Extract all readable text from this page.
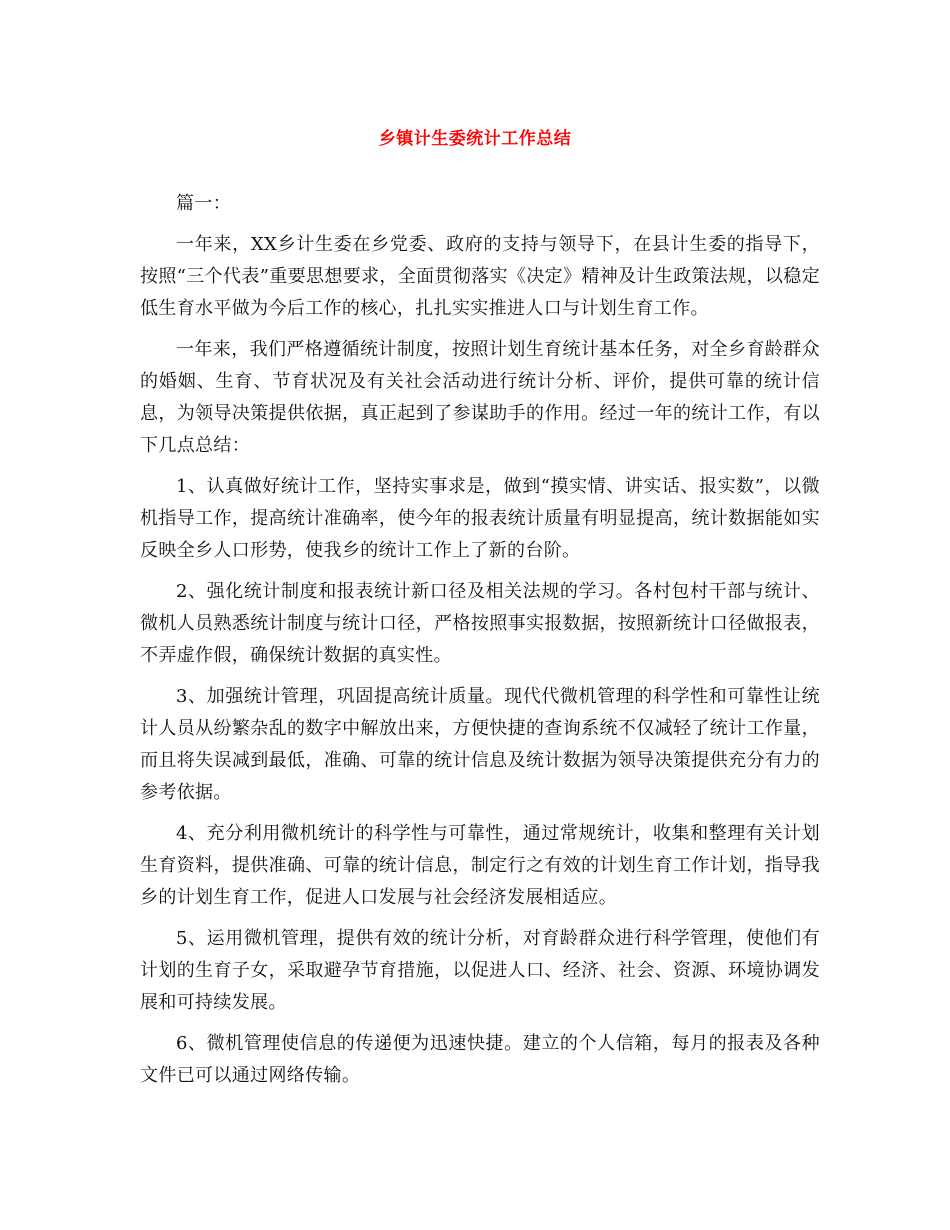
乡镇计生委统计工作总结

篇一：

一年来，XX乡计生委在乡党委、政府的支持与领导下，在县计生委的指导下，按照“三个代表”重要思想要求，全面贯彻落实《决定》精神及计生政策法规，以稳定低生育水平做为今后工作的核心，扎扎实实推进人口与计划生育工作。

一年来，我们严格遵循统计制度，按照计划生育统计基本任务，对全乡育龄群众的婚姻、生育、节育状况及有关社会活动进行统计分析、评价，提供可靠的统计信息，为领导决策提供依据，真正起到了参谋助手的作用。经过一年的统计工作，有以下几点总结：

1、认真做好统计工作，坚持实事求是，做到“摸实情、讲实话、报实数”，以微机指导工作，提高统计准确率，使今年的报表统计质量有明显提高，统计数据能如实反映全乡人口形势，使我乡的统计工作上了新的台阶。

2、强化统计制度和报表统计新口径及相关法规的学习。各村包村干部与统计、微机人员熟悉统计制度与统计口径，严格按照事实报数据，按照新统计口径做报表，不弄虚作假，确保统计数据的真实性。

3、加强统计管理，巩固提高统计质量。现代代微机管理的科学性和可靠性让统计人员从纷繁杂乱的数字中解放出来，方便快捷的查询系统不仅减轻了统计工作量，而且将失误减到最低，准确、可靠的统计信息及统计数据为领导决策提供充分有力的参考依据。

4、充分利用微机统计的科学性与可靠性，通过常规统计，收集和整理有关计划生育资料，提供准确、可靠的统计信息，制定行之有效的计划生育工作计划，指导我乡的计划生育工作，促进人口发展与社会经济发展相适应。

5、运用微机管理，提供有效的统计分析，对育龄群众进行科学管理，使他们有计划的生育子女，采取避孕节育措施，以促进人口、经济、社会、资源、环境协调发展和可持续发展。

6、微机管理使信息的传递便为迅速快捷。建立的个人信箱，每月的报表及各种文件已可以通过网络传输。
